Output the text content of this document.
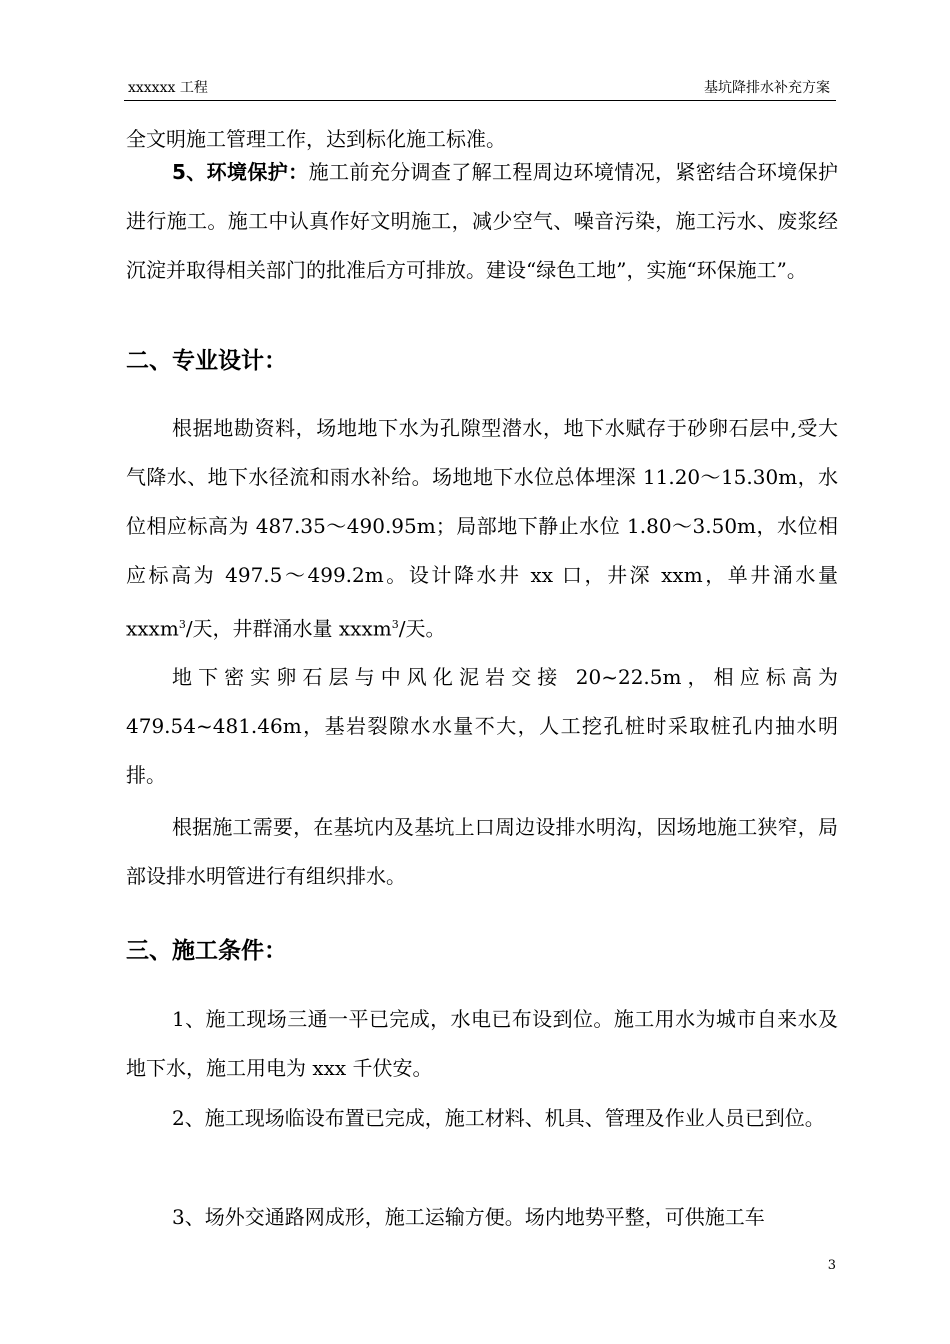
xxxxxx 工程	基坑降排水补充方案
全文明施工管理工作，达到标化施工标准。
5、环境保护：施工前充分调查了解工程周边环境情况，紧密结合环境保护进行施工。施工中认真作好文明施工，减少空气、噪音污染，施工污水、废浆经沉淀并取得相关部门的批准后方可排放。建设“绿色工地”，实施“环保施工”。
二、专业设计：
根据地勘资料，场地地下水为孔隙型潜水，地下水赋存于砂卵石层中,受大气降水、地下水径流和雨水补给。场地地下水位总体埋深 11.20～15.30m，水位相应标高为 487.35～490.95m；局部地下静止水位 1.80～3.50m，水位相应标高为 497.5～499.2m。设计降水井 xx 口，井深 xxm，单井涌水量 xxxm$^3$/天，井群涌水量 xxxm$^3$/天。
地下密实卵石层与中风化泥岩交接 20~22.5m，相应标高为 479.54~481.46m，基岩裂隙水水量不大，人工挖孔桩时采取桩孔内抽水明排。
根据施工需要，在基坑内及基坑上口周边设排水明沟，因场地施工狭窄，局部设排水明管进行有组织排水。
三、施工条件：
1、施工现场三通一平已完成，水电已布设到位。施工用水为城市自来水及地下水，施工用电为 xxx 千伏安。
2、施工现场临设布置已完成，施工材料、机具、管理及作业人员已到位。
3、场外交通路网成形，施工运输方便。场内地势平整，可供施工车
3
